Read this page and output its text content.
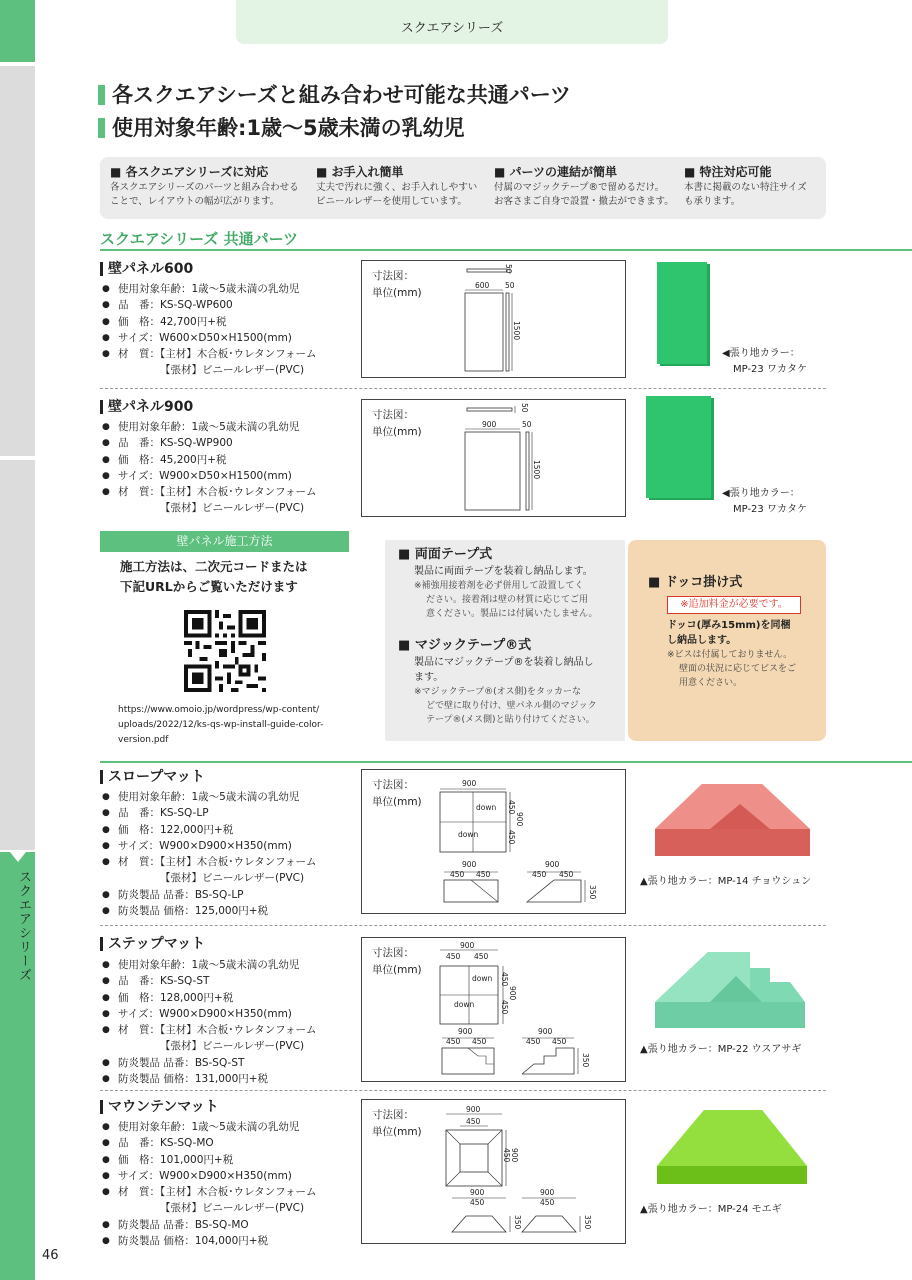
スクエアシリーズ
スクエアシリーズ
各スクエアシーズと組み合わせ可能な共通パーツ
使用対象年齢:1歳〜5歳未満の乳幼児
■ 各スクエアシリーズに対応
各スクエアシリーズのパーツと組み合わせる
ことで、レイアウトの幅が広がります。
■ お手入れ簡単
丈夫で汚れに強く、お手入れしやすい
ビニールレザーを使用しています。
■ パーツの連結が簡単
付属のマジックテープ®で留めるだけ。
お客さまご自身で設置・撤去ができます。
■ 特注対応可能
本書に掲載のない特注サイズ
も承ります。
スクエアシリーズ 共通パーツ
壁パネル600
● 使用対象年齢：1歳〜5歳未満の乳幼児
● 品　番：KS-SQ-WP600
● 価　格：42,700円+税
● サイズ：W600×D50×H1500(mm)
● 材　質：【主材】木合板･ウレタンフォーム
【張材】ビニールレザー(PVC)
寸法図：
単位(mm)
50
600 50
1500
◀張り地カラー：
MP-23 ワカタケ
壁パネル900
● 使用対象年齢：1歳〜5歳未満の乳幼児
● 品　番：KS-SQ-WP900
● 価　格：45,200円+税
● サイズ：W900×D50×H1500(mm)
● 材　質：【主材】木合板･ウレタンフォーム
【張材】ビニールレザー(PVC)
寸法図：
単位(mm)
50
900	50
1500
◀張り地カラー：
MP-23 ワカタケ
壁パネル施工方法
施工方法は、二次元コードまたは
下記URLからご覧いただけます
https://www.omoio.jp/wordpress/wp-content/
uploads/2022/12/ks-qs-wp-install-guide-color-
version.pdf
■ 両面テープ式
製品に両面テープを装着し納品します。
※補強用接着剤を必ず併用して設置してく
ださい。接着剤は壁の材質に応じてご用
意ください。製品には付属いたしません。
■ マジックテープ®式
製品にマジックテープ®を装着し納品し
ます。
※マジックテープ®(オス側)をタッカーな
どで壁に取り付け、壁パネル側のマジック
テープ®(メス側)と貼り付けてください。
■ ドッコ掛け式
※追加料金が必要です。
ドッコ(厚み15mm)を同梱
し納品します。
※ビスは付属しておりません。
壁面の状況に応じてビスをご
用意ください。
スロープマット
● 使用対象年齢：1歳〜5歳未満の乳幼児
● 品　番：KS-SQ-LP
● 価　格：122,000円+税
● サイズ：W900×D900×H350(mm)
● 材　質：【主材】木合板･ウレタンフォーム
【張材】ビニールレザー(PVC)
● 防炎製品 品番：BS-SQ-LP
● 防炎製品 価格：125,000円+税
寸法図：
単位(mm)
900
down
down
450
450
900
900
450 450
900
450 450
350
▲張り地カラー：MP-14 チョウシュン
ステップマット
● 使用対象年齢：1歳〜5歳未満の乳幼児
● 品　番：KS-SQ-ST
● 価　格：128,000円+税
● サイズ：W900×D900×H350(mm)
● 材　質：【主材】木合板･ウレタンフォーム
【張材】ビニールレザー(PVC)
● 防炎製品 品番：BS-SQ-ST
● 防炎製品 価格：131,000円+税
寸法図：
単位(mm)
900
450 450
down
down
450
450
900
900
450 450
900
450 450
350
▲張り地カラー：MP-22 ウスアサギ
マウンテンマット
● 使用対象年齢：1歳〜5歳未満の乳幼児
● 品　番：KS-SQ-MO
● 価　格：101,000円+税
● サイズ：W900×D900×H350(mm)
● 材　質：【主材】木合板･ウレタンフォーム
【張材】ビニールレザー(PVC)
● 防炎製品 品番：BS-SQ-MO
● 防炎製品 価格：104,000円+税
寸法図：
単位(mm)
900
450
450 900
900
450
350
900
450
350
▲張り地カラー：MP-24 モエギ
46
